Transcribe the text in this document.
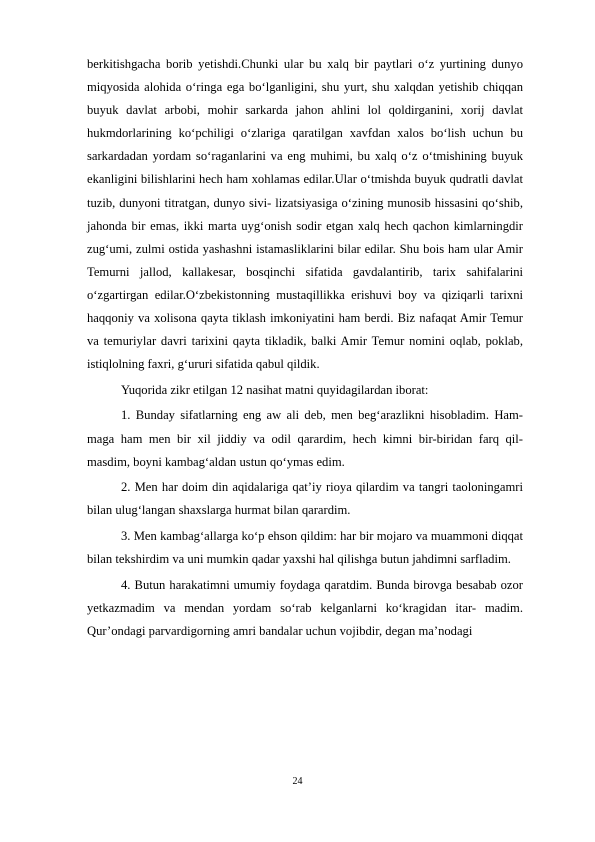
berkitishgacha borib yetishdi.Chunki ular bu xalq bir paytlari o‘z yurtining dunyo miqyosida alohida o‘ringa ega bo‘lganligini, shu yurt, shu xalqdan yetishib chiqqan buyuk davlat arbobi, mohir sarkarda jahon ahlini lol qoldirganini, xorij davlat hukmdorlarining ko‘pchiligi o‘zlariga qaratilgan xavfdan xalos bo‘lish uchun bu sarkardadan yordam so‘raganlarini va eng muhimi, bu xalq o‘z o‘tmishining buyuk ekanligini bilishlarini hech ham xohlamas edilar.Ular o‘tmishda buyuk qudratli davlat tuzib, dunyoni titratgan, dunyo sivi- lizatsiyasiga o‘zining munosib hissasini qo‘shib, jahonda bir emas, ikki marta uyg‘onish sodir etgan xalq hech qachon kimlarningdir zug‘umi, zulmi ostida yashashni istamasliklarini bilar edilar. Shu bois ham ular Amir Temurni jallod, kallakesar, bosqinchi sifatida gavdalantirib, tarix sahifalarini o‘zgartirgan edilar.O‘zbekistonning mustaqillikka erishuvi boy va qiziqarli tarixni haqqoniy va xolisona qayta tiklash imkoniyatini ham berdi. Biz nafaqat Amir Temur va temuriylar davri tarixini qayta tikladik, balki Amir Temur nomini oqlab, poklab, istiqlolning faxri, g‘ururi sifatida qabul qildik.

Yuqorida zikr etilgan 12 nasihat matni quyidagilardan iborat:

1. Bunday sifatlarning eng aw ali deb, men beg‘arazlikni hisobladim. Ham- maga ham men bir xil jiddiy va odil qarardim, hech kimni bir-biridan farq qil- masdim, boyni kambag‘aldan ustun qo‘ymas edim.

2. Men har doim din aqidalariga qat’iy rioya qilardim va tangri taoloningamri bilan ulug‘langan shaxslarga hurmat bilan qarardim.

3. Men kambag‘allarga ko‘p ehson qildim: har bir mojaro va muammoni diqqat bilan tekshirdim va uni mumkin qadar yaxshi hal qilishga butun jahdimni sarfladim.

4. Butun harakatimni umumiy foydaga qaratdim. Bunda birovga besabab ozor yetkazmadim va mendan yordam so‘rab kelganlarni ko‘kragidan itar- madim. Qur’ondagi parvardigorning amri bandalar uchun vojibdir, degan ma’nodagi

24
